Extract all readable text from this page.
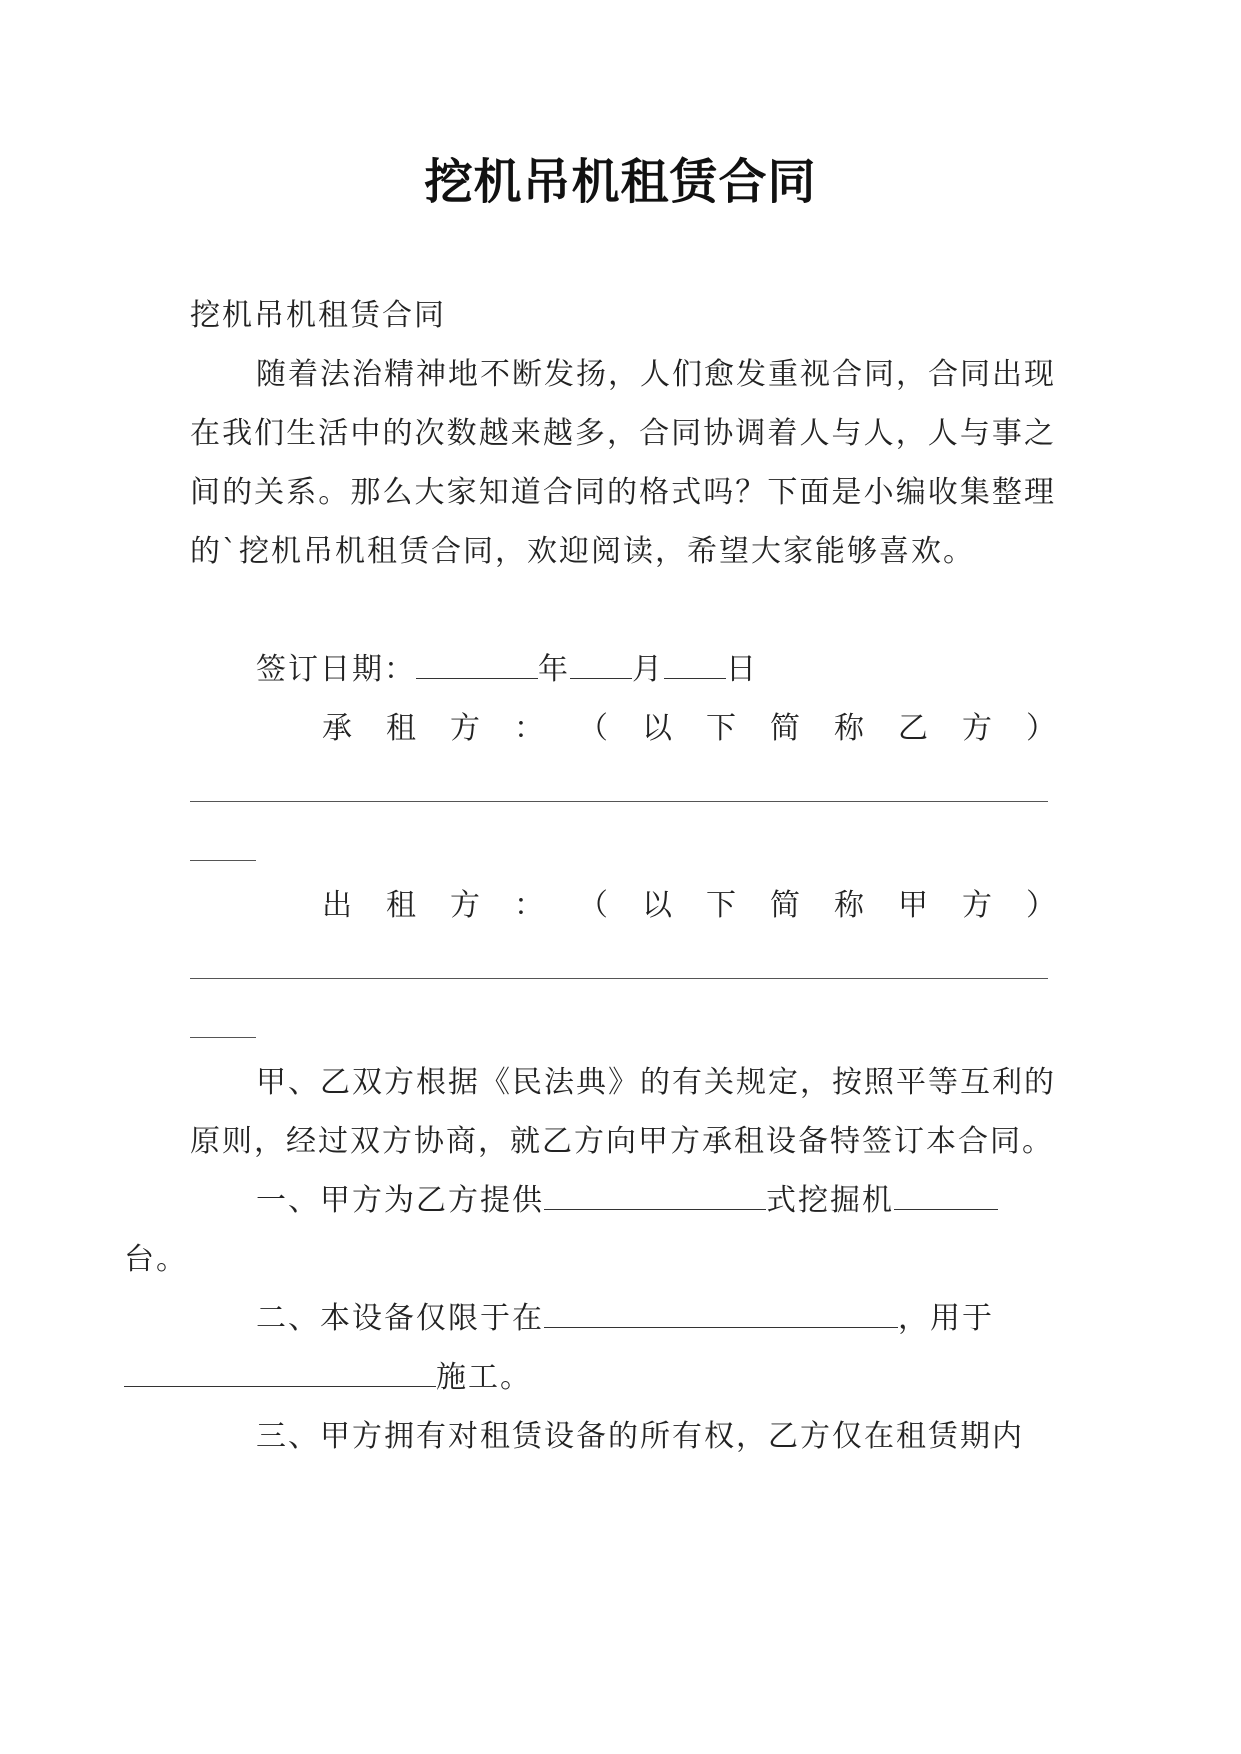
挖机吊机租赁合同

挖机吊机租赁合同

随着法治精神地不断发扬，人们愈发重视合同，合同出现在我们生活中的次数越来越多，合同协调着人与人，人与事之间的关系。那么大家知道合同的格式吗？下面是小编收集整理的`挖机吊机租赁合同，欢迎阅读，希望大家能够喜欢。

签订日期：	年 月 日

承 租 方 ： （ 以 下 简 称 乙 方 ）

出 租 方 ： （ 以 下 简 称 甲 方 ）

甲、乙双方根据《民法典》的有关规定，按照平等互利的原则，经过双方协商，就乙方向甲方承租设备特签订本合同。

一、甲方为乙方提供	式挖掘机
台。

二、本设备仅限于在	，用于
施工。

三、甲方拥有对租赁设备的所有权，乙方仅在租赁期内
